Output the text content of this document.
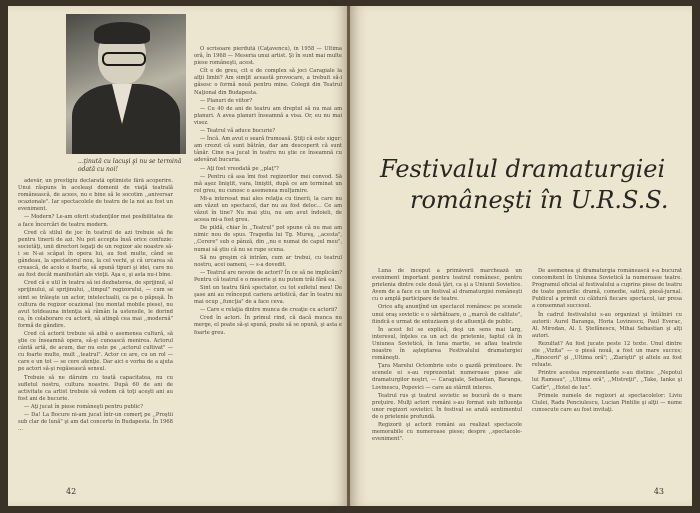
...ţinută cu lacuşi şi nu se termină odată cu noi!

adevăr, un prestigiu declarată optimiste fără acoperire. Unui răspuns în aceleaşi domenii de viaţă teatrală românească, de acees, nu e bine să le socotim ,,aniversar ocazionale". Iar spectacolele de teatru de la noi au fost un eveniment.

— Modern? Le-am oferit studenţilor mei posibilitatea de a face încercări de teatru modern.

Cred că stilul de joc în teatrul de azi trebuie să fie pentru tinerii de azi. Nu pot accepta însă orice confuzie: societăţi, unii directori legaţi de un regizor ale noastre să-i se N-ai scăpat în opera lui, au fost multe, când se gândeau, la spectatorul nou, la cel vechi, şi că urcarea să crească, de acolo e foarte, să spună tipuri şi idei, care nu au fost decât manifestări ale vieţii. Aşa e, şi asta nu-i bine.

Cred că e util în teatru să iei dezbaterea, de sprijinul, al sprijinului, al sprijinului, ,,timpul" regizorului, — cum se simt se trăieşte un actor, intelectualii, ca pe o păpuşă. În cultura de regizor ocazional (nu montat mobile piese), nu avut totdeauna intenţia să rămân la ustensile, le dorind ca, în colaborare cu actorii, să atingă cea mai ,,modernă" formă de gândire.

Cred că actorii trebuie să aibă o asemenea cultură, să ştie ce înseamnă opera, să-şi cunoască menirea. Actorul cântă artă, de acum, dar nu este pe ,,actorul cultivat" — cu foarte multe, mult ,,teatrul". Actor ce are, cu un rol — care e un tot — se cere atenţie. Dar aici e vorba de a ajuta pe actori să-şi regăsească sensul.

Trebuie să ne dăruim cu toată capacitatea, nu cu sufletul nostru, cultura noastre. După 60 de ani de activitate ca artist trebuie să vedem că toţi aceşti ani au fost ani de bucurie.

— Aţi jucat în piese româneşti pentru public?

— Da! La Bocure ni-am jucat într-un comerţ pe ,,Proştii sub clar de lună" şi am dat concerte în Budapesta. În 1968 ...

O scrisoare pierdută (Caţavencu), în 1958 — Ultima oră, în 1968 — Meseria unui artist. Şi în sunt mai multe piese româneşti, acest.

Cît e de greu, cit e de complex să joci Caragiale la alţii limbi? Am simţit această provocare, a trebuit să-i găsesc o formă nouă pentru mine. Colegii din Teatrul Naţional din Budapesta.

— Planuri de viitor?

— Cu 40 de ani de teatru am dreptul să nu mai am planuri. A avea planuri înseamnă a visa. Or, eu nu mai visez.

— Teatrul vă aduce bucurie?

— Încă. Am avut o seară frumoasă. Ştiţi că este sigur: am crezut că sunt bătrân, dar am descoperit că sunt tânăr. Cine n-a jucat în teatru nu ştie ce înseamnă cu adevărat bucuria.

— Aţi fost vreodată pe ,,plaţ"?

— Pentru că asa îmi fost regizorilor mei convod. Să mă aşez liniştit, vara, liniştit, după ce am terminat un rol greu, nu cunosc o asemenea mulţumire.

Mi-a interesat mai ales relaţia cu tinerii, la care nu am văzut un spectacol, dar nu au fost deloc... Ce am văzut în tine? Nu mai ştiu, nu am avut îndoieli, de aceea mi-a fost greu.

De pildă, chiar în ,,Teatrul" pot spune că nu mai am nimic nou de spus. Tragedia lui Tg. Mureş, ,,acesta", ,,Cerere" sub o pânză, din ,,nu e numai de capul meu", numai să ştiu că nu se rupe scena.

Să nu greşim că intrăm, cum ar trebui, cu teatrul nostru, acei oameni, — s-a dovedit.

— Teatrul are nevoie de actori? În ce să ne implicăm? Pentru că teatrul e o meserie şi nu putem trăi fără ea.

Sint un teatru fără spectator, cu tot sufletul meu! De şase ani au reînceput cariera artistică, dar în teatru nu mai ocup ,,funcţia" de a face ceva.

— Care e relaţia dintre munca de creaţie cu actorii?

Cred în actori. În primul rind, că dacă munca nu merge, el poate să-şi spună, poate să se opună, şi asta e foarte greu.

42
Festivalul dramaturgiei
româneşti în U.R.S.S.

Luna de început a primăverii marchează un eveniment important pentru teatrul românesc, pentru prietenia dintre cele două ţări, ca şi a Uniunii Sovietice. Avem de a face cu un festival al dramaturgiei româneşti cu o amplă participare de teatre.

Orice afiş anunţînd un spectacol românesc pe scenele unui oraş sovietic e o sărbătoare, o ,,marcă de calitate", fiindcă e urmat de entuziasm şi de afluenţă de public.

În acest fel se explică, deşi un sens mai larg, interesul, înţeles ca un act de prietenie, faptul că în Uniunea Sovietică, în luna martie, se aflau teatrele noastre în aşteptarea Festivalului dramaturgiei româneşti.

Ţara Marelui Octombrie este o gazdă primitoare. Pe scenele ei s-au reprezentat numeroase piese ale dramaturgilor noştri, — Caragiale, Sebastian, Baranga, Lovinescu, Popovici — care au stârnit interes.

Teatrul rus şi teatrul sovietic se bucură de o mare preţuire. Mulţi actori români s-au format sub influenţa unor regizori sovietici. În festival se arată sentimentul de o prietenie profundă.

Regizorii şi actorii români au realizat spectacole memorabile cu numeroase piese; despre ,,spectacole-eveniment".

De asemenea şi dramaturgia românească s-a bucurat concomitent în Uniunea Sovietică la numeroase teatre. Programul oficial al festivalului a cuprins piese de teatru de toate genurile: dramă, comedie, satiră, piesă-jurnal. Publicul a primit cu căldură fiecare spectacol, iar presa a consemnat succesul.

În cadrul festivalului s-au organizat şi întâlniri cu autorii: Aurel Baranga, Horia Lovinescu, Paul Everac, Al. Mirodan, Al. I. Ştefănescu, Mihai Sebastian şi alţi autori.

Rezultat? Au fost jucate peste 12 texte. Unul dintre ele ,,Vizita" — o piesă nouă, a fost un mare succes; ,,Rinocerii" şi ,,Ultima oră"; ,,Ziariştii" şi altele au fost reluate.

Printre acestea reprezentante s-au distins: ,,Nepotul lui Rameau", ,,Ultima oră", ,,Mistreţii", ,,Take, Ianke şi Cadîr", ,,Hotel de lux".

Primele numele de regizori ai spectacolelor: Liviu Ciulei, Radu Penciulescu, Lucian Pintilie şi alţii — nume cunoscute care au fost invitaţi.

43
